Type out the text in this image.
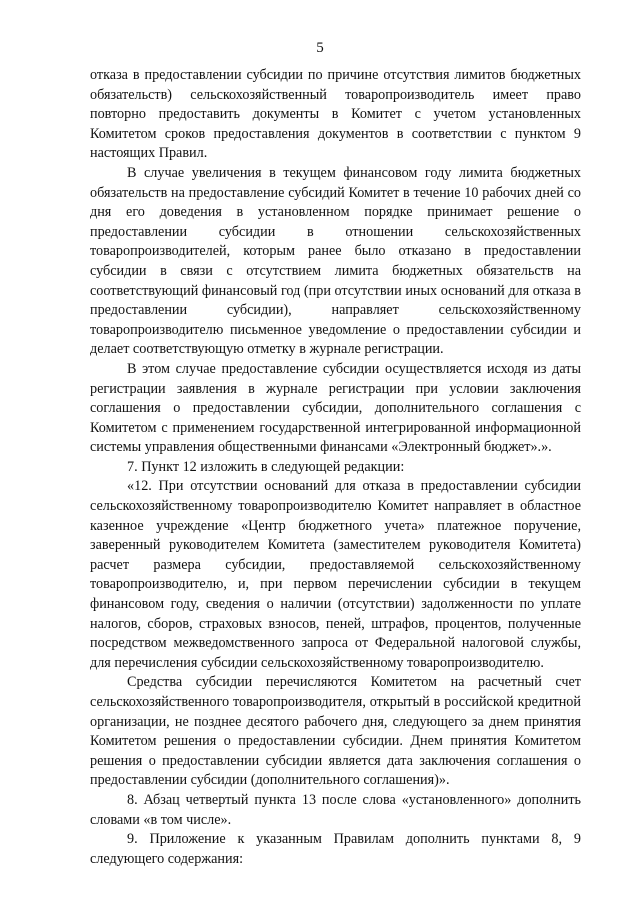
5

отказа в предоставлении субсидии по причине отсутствия лимитов бюджетных обязательств) сельскохозяйственный товаропроизводитель имеет право повторно предоставить документы в Комитет с учетом установленных Комитетом сроков предоставления документов в соответствии с пунктом 9 настоящих Правил.

В случае увеличения в текущем финансовом году лимита бюджетных обязательств на предоставление субсидий Комитет в течение 10 рабочих дней со дня его доведения в установленном порядке принимает решение о предоставлении субсидии в отношении сельскохозяйственных товаропроизводителей, которым ранее было отказано в предоставлении субсидии в связи с отсутствием лимита бюджетных обязательств на соответствующий финансовый год (при отсутствии иных оснований для отказа в предоставлении субсидии), направляет сельскохозяйственному товаропроизводителю письменное уведомление о предоставлении субсидии и делает соответствующую отметку в журнале регистрации.

В этом случае предоставление субсидии осуществляется исходя из даты регистрации заявления в журнале регистрации при условии заключения соглашения о предоставлении субсидии, дополнительного соглашения с Комитетом с применением государственной интегрированной информационной системы управления общественными финансами «Электронный бюджет».».

7. Пункт 12 изложить в следующей редакции:

«12. При отсутствии оснований для отказа в предоставлении субсидии сельскохозяйственному товаропроизводителю Комитет направляет в областное казенное учреждение «Центр бюджетного учета» платежное поручение, заверенный руководителем Комитета (заместителем руководителя Комитета) расчет размера субсидии, предоставляемой сельскохозяйственному товаропроизводителю, и, при первом перечислении субсидии в текущем финансовом году, сведения о наличии (отсутствии) задолженности по уплате налогов, сборов, страховых взносов, пеней, штрафов, процентов, полученные посредством межведомственного запроса от Федеральной налоговой службы, для перечисления субсидии сельскохозяйственному товаропроизводителю.

Средства субсидии перечисляются Комитетом на расчетный счет сельскохозяйственного товаропроизводителя, открытый в российской кредитной организации, не позднее десятого рабочего дня, следующего за днем принятия Комитетом решения о предоставлении субсидии. Днем принятия Комитетом решения о предоставлении субсидии является дата заключения соглашения о предоставлении субсидии (дополнительного соглашения)».

8. Абзац четвертый пункта 13 после слова «установленного» дополнить словами «в том числе».

9. Приложение к указанным Правилам дополнить пунктами 8, 9 следующего содержания:
